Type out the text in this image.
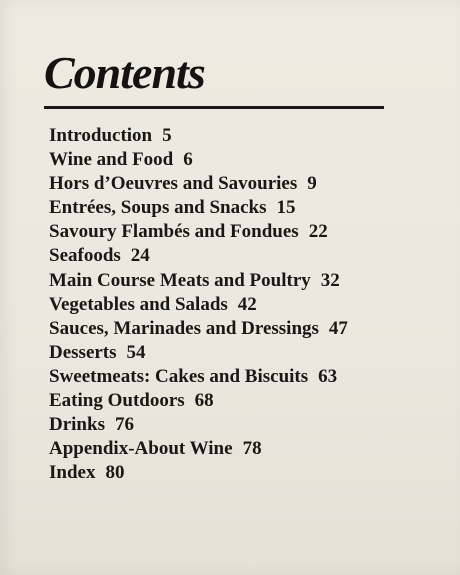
Contents
Introduction 5
Wine and Food 6
Hors d’Oeuvres and Savouries 9
Entrées, Soups and Snacks 15
Savoury Flambés and Fondues 22
Seafoods 24
Main Course Meats and Poultry 32
Vegetables and Salads 42
Sauces, Marinades and Dressings 47
Desserts 54
Sweetmeats: Cakes and Biscuits 63
Eating Outdoors 68
Drinks 76
Appendix-About Wine 78
Index 80
